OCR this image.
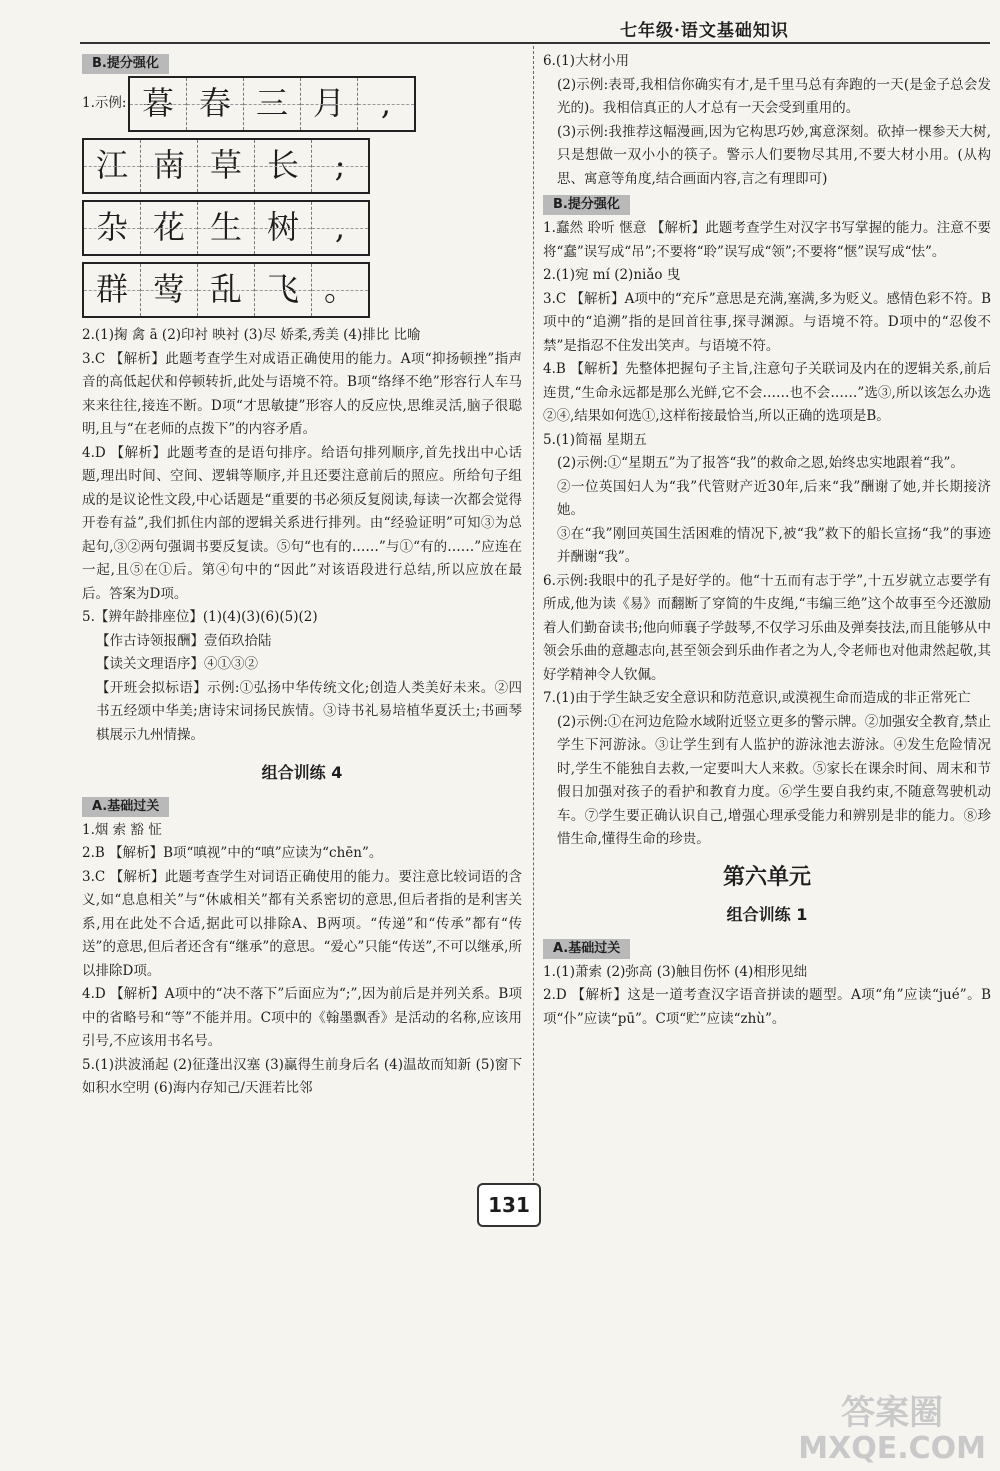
七年级·语文基础知识
B.提分强化
1.示例: 暮 春 三 月	,
江 南 草 长	;
杂 花 生 树	,
群 莺 乱 飞 。

2.(1)掬 禽 ā (2)印衬 映衬 (3)尽 娇柔,秀美 (4)排比 比喻

3.C 【解析】此题考查学生对成语正确使用的能力。A项“抑扬顿挫”指声音的高低起伏和停顿转折,此处与语境不符。B项“络绎不绝”形容行人车马来来往往,接连不断。D项“才思敏捷”形容人的反应快,思维灵活,脑子很聪明,且与“在老师的点拨下”的内容矛盾。

4.D 【解析】此题考查的是语句排序。给语句排列顺序,首先找出中心话题,理出时间、空间、逻辑等顺序,并且还要注意前后的照应。所给句子组成的是议论性文段,中心话题是“重要的书必须反复阅读,每读一次都会觉得开卷有益”,我们抓住内部的逻辑关系进行排列。由“经验证明”可知③为总起句,③②两句强调书要反复读。⑤句“也有的……”与①“有的……”应连在一起,且⑤在①后。第④句中的“因此”对该语段进行总结,所以应放在最后。答案为D项。

5.【辨年龄排座位】(1)(4)(3)(6)(5)(2)

【作古诗领报酬】壹佰玖拾陆

【读关文理语序】④①③②

【开班会拟标语】示例:①弘扬中华传统文化;创造人类美好未来。②四书五经颂中华美;唐诗宋词扬民族情。③诗书礼易培植华夏沃土;书画琴棋展示九州情操。

组合训练 4
A.基础过关

1.烟 索 豁 怔

2.B 【解析】B项“嗔视”中的“嗔”应读为“chēn”。

3.C 【解析】此题考查学生对词语正确使用的能力。要注意比较词语的含义,如“息息相关”与“休戚相关”都有关系密切的意思,但后者指的是利害关系,用在此处不合适,据此可以排除A、B两项。“传递”和“传承”都有“传送”的意思,但后者还含有“继承”的意思。“爱心”只能“传送”,不可以继承,所以排除D项。

4.D 【解析】A项中的“决不落下”后面应为“;”,因为前后是并列关系。B项中的省略号和“等”不能并用。C项中的《翰墨飘香》是活动的名称,应该用引号,不应该用书名号。

5.(1)洪波涌起 (2)征蓬出汉塞 (3)赢得生前身后名 (4)温故而知新 (5)窗下如积水空明 (6)海内存知己/天涯若比邻

6.(1)大材小用

(2)示例:表哥,我相信你确实有才,是千里马总有奔跑的一天(是金子总会发光的)。我相信真正的人才总有一天会受到重用的。

(3)示例:我推荐这幅漫画,因为它构思巧妙,寓意深刻。砍掉一棵参天大树,只是想做一双小小的筷子。警示人们要物尽其用,不要大材小用。(从构思、寓意等角度,结合画面内容,言之有理即可)

B.提分强化

1.蠢然 聆听 惬意 【解析】此题考查学生对汉字书写掌握的能力。注意不要将“蠢”误写成“吊”;不要将“聆”误写成“领”;不要将“惬”误写成“怯”。

2.(1)宛 mí (2)niǎo 曳

3.C 【解析】A项中的“充斥”意思是充满,塞满,多为贬义。感情色彩不符。B项中的“追溯”指的是回首往事,探寻渊源。与语境不符。D项中的“忍俊不禁”是指忍不住发出笑声。与语境不符。

4.B 【解析】先整体把握句子主旨,注意句子关联词及内在的逻辑关系,前后连贯,“生命永远都是那么光鲜,它不会……也不会……”选③,所以该怎么办选②④,结果如何选①,这样衔接最恰当,所以正确的选项是B。

5.(1)简福 星期五

(2)示例:①“星期五”为了报答“我”的救命之恩,始终忠实地跟着“我”。

②一位英国妇人为“我”代管财产近30年,后来“我”酬谢了她,并长期接济她。

③在“我”刚回英国生活困难的情况下,被“我”救下的船长宣扬“我”的事迹并酬谢“我”。

6.示例:我眼中的孔子是好学的。他“十五而有志于学”,十五岁就立志要学有所成,他为读《易》而翻断了穿简的牛皮绳,“韦编三绝”这个故事至今还激励着人们勤奋读书;他向师襄子学鼓琴,不仅学习乐曲及弹奏技法,而且能够从中领会乐曲的意趣志向,甚至领会到乐曲作者之为人,令老师也对他肃然起敬,其好学精神令人钦佩。

7.(1)由于学生缺乏安全意识和防范意识,或漠视生命而造成的非正常死亡

(2)示例:①在河边危险水域附近竖立更多的警示牌。②加强安全教育,禁止学生下河游泳。③让学生到有人监护的游泳池去游泳。④发生危险情况时,学生不能独自去救,一定要叫大人来救。⑤家长在课余时间、周末和节假日加强对孩子的看护和教育力度。⑥学生要自我约束,不随意驾驶机动车。⑦学生要正确认识自己,增强心理承受能力和辨别是非的能力。⑧珍惜生命,懂得生命的珍贵。

第六单元
组合训练 1
A.基础过关

1.(1)萧索 (2)弥高 (3)触目伤怀 (4)相形见绌

2.D 【解析】这是一道考查汉字语音拼读的题型。A项“角”应读“jué”。B项“仆”应读“pū”。C项“贮”应读“zhù”。

131
答案圈
MXQE.COM
